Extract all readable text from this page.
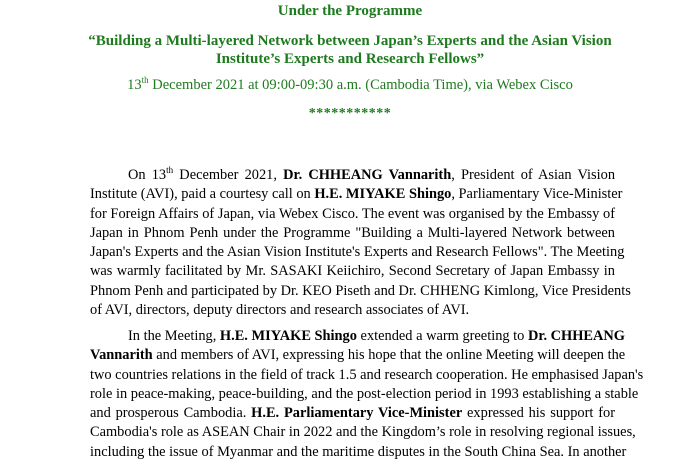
Under the Programme
“Building a Multi-layered Network between Japan’s Experts and the Asian Vision
Institute’s Experts and Research Fellows”
13th December 2021 at 09:00-09:30 a.m. (Cambodia Time), via Webex Cisco
***********
On 13th December 2021, Dr. CHHEANG Vannarith, President of Asian Vision
Institute (AVI), paid a courtesy call on H.E. MIYAKE Shingo, Parliamentary Vice-Minister
for Foreign Affairs of Japan, via Webex Cisco. The event was organised by the Embassy of
Japan in Phnom Penh under the Programme "Building a Multi-layered Network between
Japan's Experts and the Asian Vision Institute's Experts and Research Fellows". The Meeting
was warmly facilitated by Mr. SASAKI Keiichiro, Second Secretary of Japan Embassy in
Phnom Penh and participated by Dr. KEO Piseth and Dr. CHHENG Kimlong, Vice Presidents
of AVI, directors, deputy directors and research associates of AVI.
In the Meeting, H.E. MIYAKE Shingo extended a warm greeting to Dr. CHHEANG
Vannarith and members of AVI, expressing his hope that the online Meeting will deepen the
two countries relations in the field of track 1.5 and research cooperation. He emphasised Japan's
role in peace-making, peace-building, and the post-election period in 1993 establishing a stable
and prosperous Cambodia. H.E. Parliamentary Vice-Minister expressed his support for
Cambodia's role as ASEAN Chair in 2022 and the Kingdom’s role in resolving regional issues,
including the issue of Myanmar and the maritime disputes in the South China Sea. In another
